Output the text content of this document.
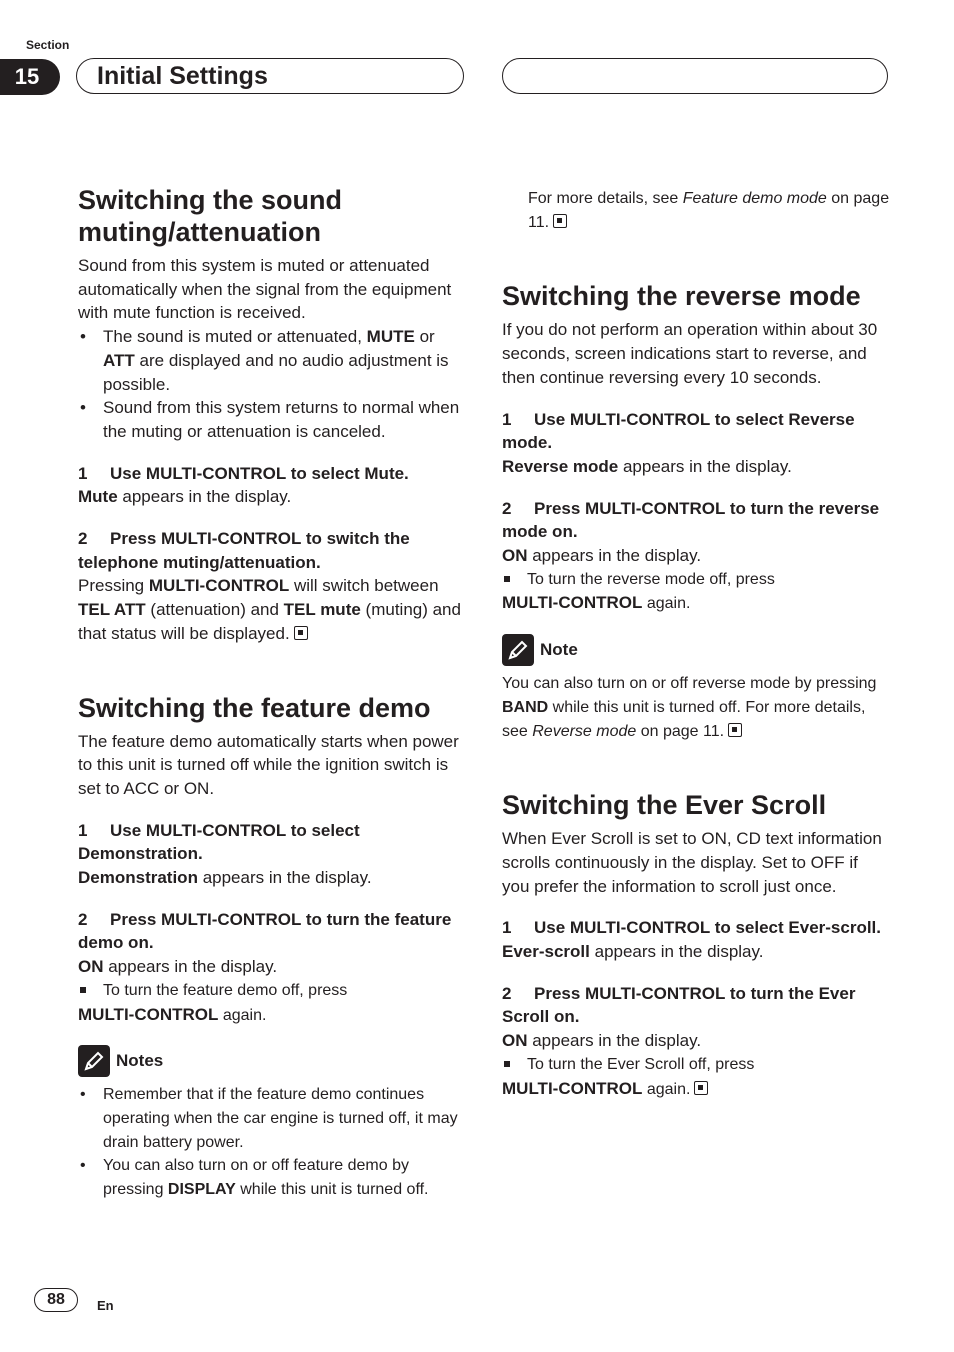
Section
15	Initial Settings
Switching the sound muting/attenuation

Sound from this system is muted or attenuated automatically when the signal from the equipment with mute function is received.

• The sound is muted or attenuated, MUTE or ATT are displayed and no audio adjustment is possible.
• Sound from this system returns to normal when the muting or attenuation is canceled.

1 Use MULTI-CONTROL to select Mute.

Mute appears in the display.

2 Press MULTI-CONTROL to switch the telephone muting/attenuation.

Pressing MULTI-CONTROL will switch between TEL ATT (attenuation) and TEL mute (muting) and that status will be displayed.

Switching the feature demo

The feature demo automatically starts when power to this unit is turned off while the ignition switch is set to ACC or ON.

1 Use MULTI-CONTROL to select Demonstration.

Demonstration appears in the display.

2 Press MULTI-CONTROL to turn the feature demo on.

ON appears in the display.

To turn the feature demo off, press

MULTI-CONTROL again.

Notes
• Remember that if the feature demo continues operating when the car engine is turned off, it may drain battery power.
• You can also turn on or off feature demo by pressing DISPLAY while this unit is turned off.

For more details, see Feature demo mode on page 11.

Switching the reverse mode

If you do not perform an operation within about 30 seconds, screen indications start to reverse, and then continue reversing every 10 seconds.

1 Use MULTI-CONTROL to select Reverse mode.

Reverse mode appears in the display.

2 Press MULTI-CONTROL to turn the reverse mode on.

ON appears in the display.

To turn the reverse mode off, press

MULTI-CONTROL again.

Note

You can also turn on or off reverse mode by pressing BAND while this unit is turned off. For more details, see Reverse mode on page 11.

Switching the Ever Scroll

When Ever Scroll is set to ON, CD text information scrolls continuously in the display. Set to OFF if you prefer the information to scroll just once.

1 Use MULTI-CONTROL to select Ever-scroll.

Ever-scroll appears in the display.

2 Press MULTI-CONTROL to turn the Ever Scroll on.

ON appears in the display.

To turn the Ever Scroll off, press

MULTI-CONTROL again.

88	En
